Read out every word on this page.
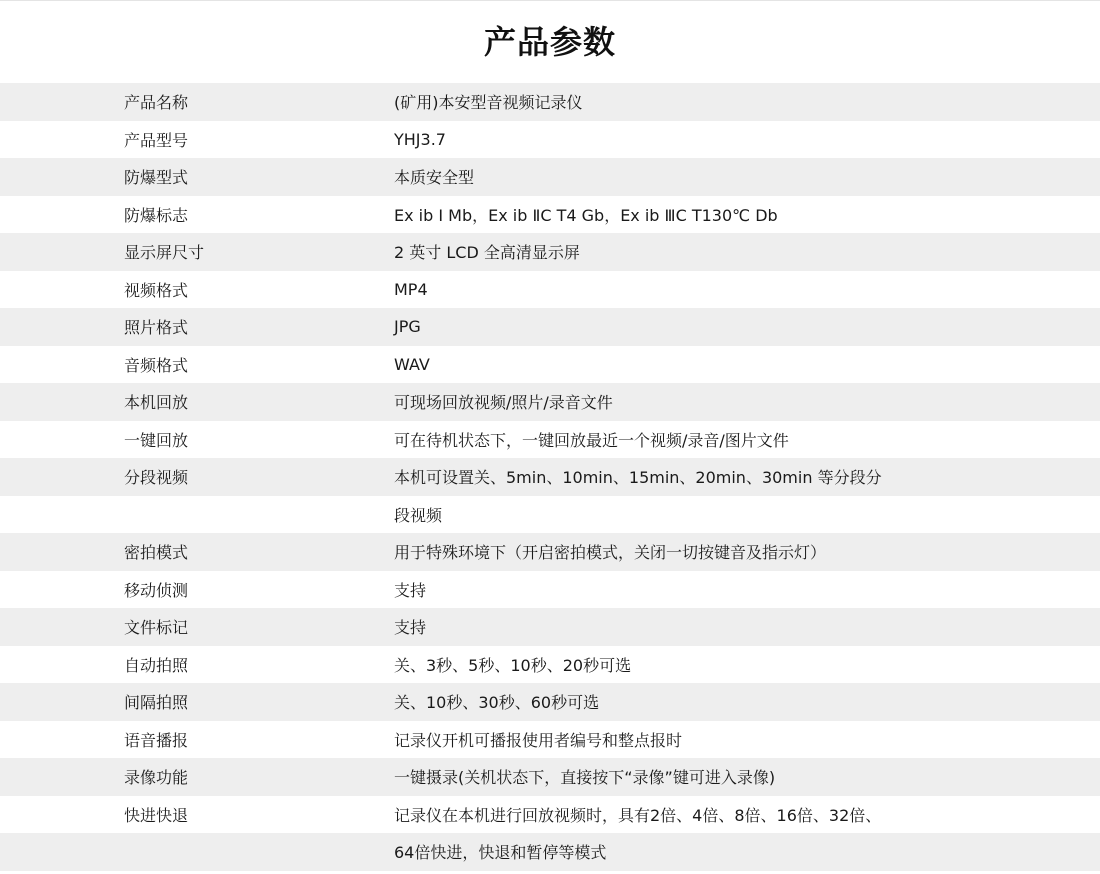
产品参数
产品名称	(矿用)本安型音视频记录仪
产品型号	YHJ3.7
防爆型式	本质安全型
防爆标志	Ex ib Ⅰ Mb，Ex ib ⅡC T4 Gb，Ex ib ⅢC T130℃ Db
显示屏尺寸	2 英寸 LCD 全高清显示屏
视频格式	MP4
照片格式	JPG
音频格式	WAV
本机回放	可现场回放视频/照片/录音文件
一键回放	可在待机状态下，一键回放最近一个视频/录音/图片文件
分段视频	本机可设置关、5min、10min、15min、20min、30min 等分段分
段视频
密拍模式	用于特殊环境下（开启密拍模式，关闭一切按键音及指示灯）
移动侦测	支持
文件标记	支持
自动拍照	关、3秒、5秒、10秒、20秒可选
间隔拍照	关、10秒、30秒、60秒可选
语音播报	记录仪开机可播报使用者编号和整点报时
录像功能	一键摄录(关机状态下，直接按下“录像”键可进入录像)
快进快退	记录仪在本机进行回放视频时，具有2倍、4倍、8倍、16倍、32倍、
64倍快进，快退和暂停等模式
